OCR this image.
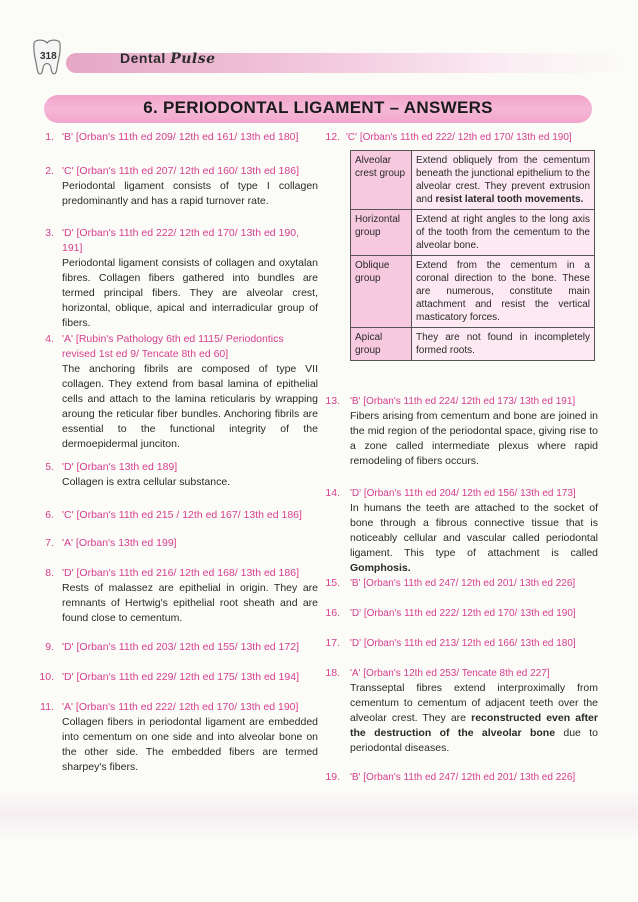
318	Dental Pulse
6. PERIODONTAL LIGAMENT – ANSWERS
1. 'B' [Orban's 11th ed 209/ 12th ed 161/ 13th ed 180]
2. 'C' [Orban's 11th ed 207/ 12th ed 160/ 13th ed 186]
Periodontal ligament consists of type I collagen predominantly and has a rapid turnover rate.
3. 'D' [Orban's 11th ed 222/ 12th ed 170/ 13th ed 190, 191]
Periodontal ligament consists of collagen and oxytalan fibres. Collagen fibers gathered into bundles are termed principal fibers. They are alveolar crest, horizontal, oblique, apical and interradicular group of fibers.
4. 'A' [Rubin's Pathology 6th ed 1115/ Periodontics revised 1st ed 9/ Tencate 8th ed 60]
The anchoring fibrils are composed of type VII collagen. They extend from basal lamina of epithelial cells and attach to the lamina reticularis by wrapping aroung the reticular fiber bundles. Anchoring fibrils are essential to the functional integrity of the dermoepidermal junciton.
5. 'D' [Orban's 13th ed 189]
Collagen is extra cellular substance.
6. 'C' [Orban's 11th ed 215 / 12th ed 167/ 13th ed 186]
7. 'A' [Orban's 13th ed 199]
8. 'D' [Orban's 11th ed 216/ 12th ed 168/ 13th ed 186]
Rests of malassez are epithelial in origin. They are remnants of Hertwig's epithelial root sheath and are found close to cementum.
9. 'D' [Orban's 11th ed 203/ 12th ed 155/ 13th ed 172]
10. 'D' [Orban's 11th ed 229/ 12th ed 175/ 13th ed 194]
11. 'A' [Orban's 11th ed 222/ 12th ed 170/ 13th ed 190]
Collagen fibers in periodontal ligament are embedded into cementum on one side and into alveolar bone on the other side. The embedded fibers are termed sharpey's fibers.
12. 'C' [Orban's 11th ed 222/ 12th ed 170/ 13th ed 190]
Alveolar crest group	Extend obliquely from the cementum beneath the junctional epithelium to the alveolar crest. They prevent extrusion and resist lateral tooth movements.
Horizontal group	Extend at right angles to the long axis of the tooth from the cementum to the alveolar bone.
Oblique group	Extend from the cementum in a coronal direction to the bone. These are numerous, constitute main attachment and resist the vertical masticatory forces.
Apical group	They are not found in incompletely formed roots.
13. 'B' [Orban's 11th ed 224/ 12th ed 173/ 13th ed 191]
Fibers arising from cementum and bone are joined in the mid region of the periodontal space, giving rise to a zone called intermediate plexus where rapid remodeling of fibers occurs.
14. 'D' [Orban's 11th ed 204/ 12th ed 156/ 13th ed 173]
In humans the teeth are attached to the socket of bone through a fibrous connective tissue that is noticeably cellular and vascular called periodontal ligament. This type of attachment is called Gomphosis.
15. 'B' [Orban's 11th ed 247/ 12th ed 201/ 13th ed 226]
16. 'D' [Orban's 11th ed 222/ 12th ed 170/ 13th ed 190]
17. 'D' [Orban's 11th ed 213/ 12th ed 166/ 13th ed 180]
18. 'A' [Orban's 12th ed 253/ Tencate 8th ed 227]
Transseptal fibres extend interproximally from cementum to cementum of adjacent teeth over the alveolar crest. They are reconstructed even after the destruction of the alveolar bone due to periodontal diseases.
19. 'B' [Orban's 11th ed 247/ 12th ed 201/ 13th ed 226]
